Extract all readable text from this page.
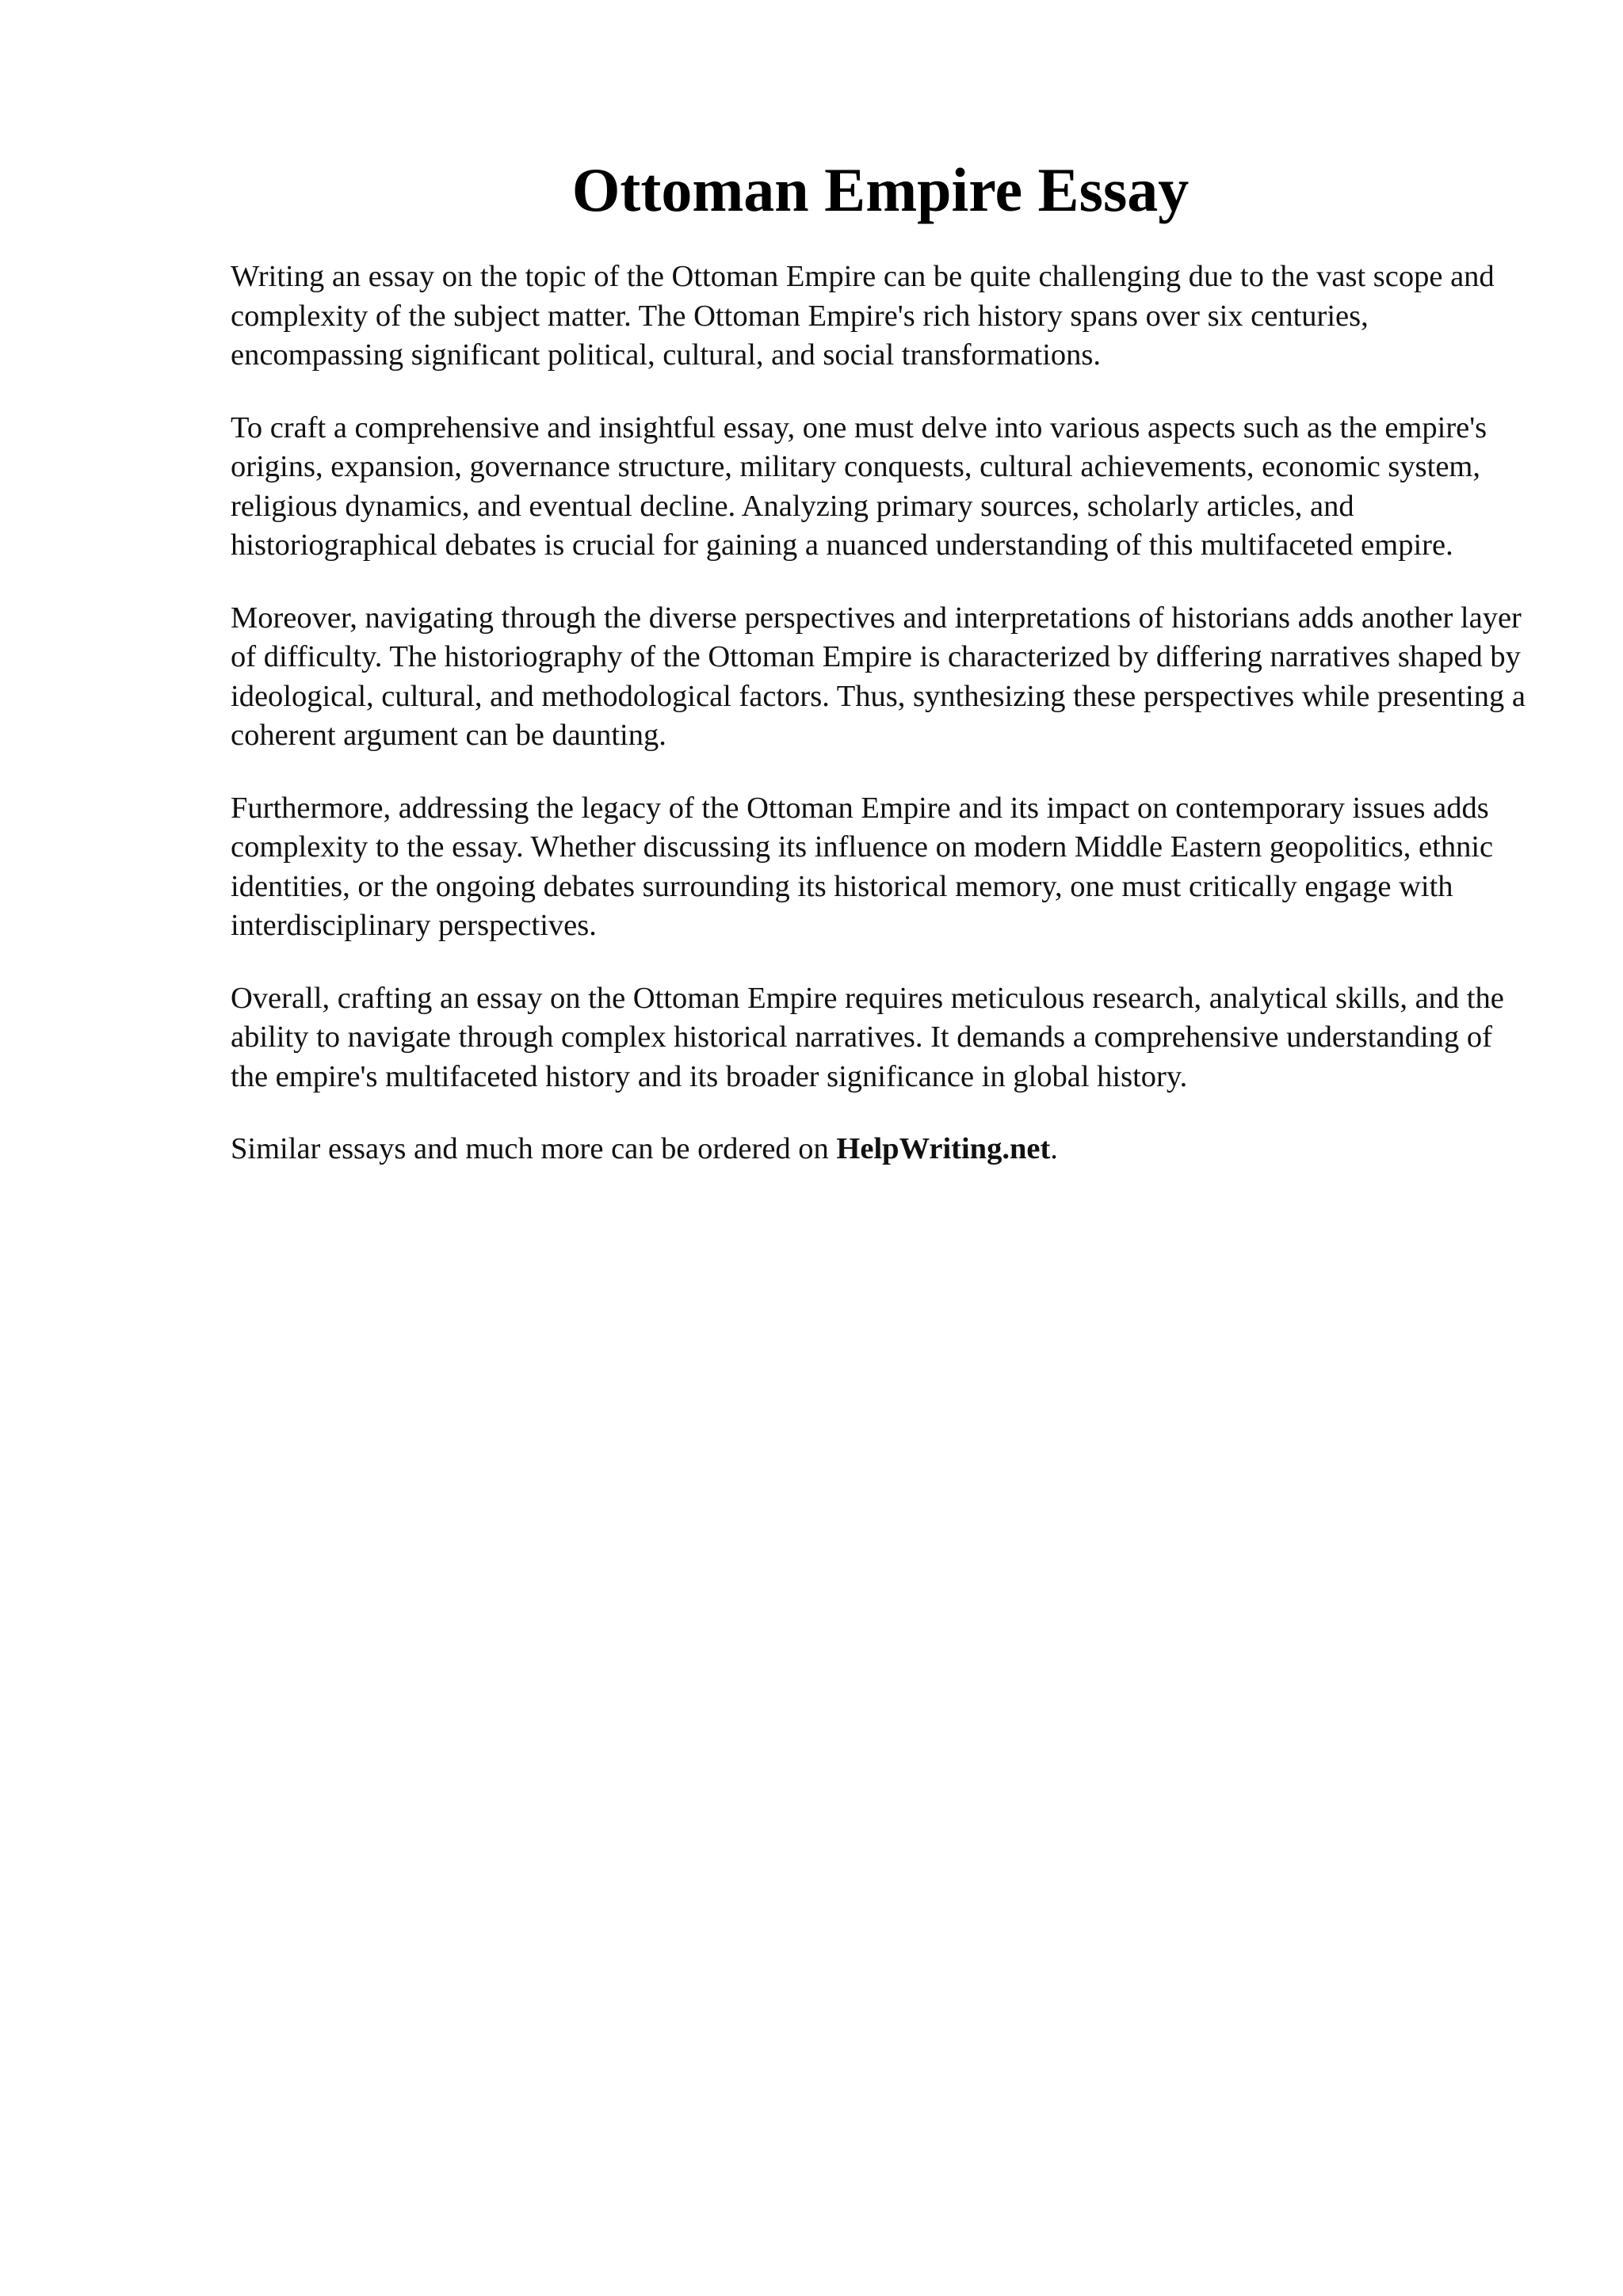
Ottoman Empire Essay

Writing an essay on the topic of the Ottoman Empire can be quite challenging due to the vast scope and complexity of the subject matter. The Ottoman Empire's rich history spans over six centuries, encompassing significant political, cultural, and social transformations.

To craft a comprehensive and insightful essay, one must delve into various aspects such as the empire's origins, expansion, governance structure, military conquests, cultural achievements, economic system, religious dynamics, and eventual decline. Analyzing primary sources, scholarly articles, and historiographical debates is crucial for gaining a nuanced understanding of this multifaceted empire.

Moreover, navigating through the diverse perspectives and interpretations of historians adds another layer of difficulty. The historiography of the Ottoman Empire is characterized by differing narratives shaped by ideological, cultural, and methodological factors. Thus, synthesizing these perspectives while presenting a coherent argument can be daunting.

Furthermore, addressing the legacy of the Ottoman Empire and its impact on contemporary issues adds complexity to the essay. Whether discussing its influence on modern Middle Eastern geopolitics, ethnic identities, or the ongoing debates surrounding its historical memory, one must critically engage with interdisciplinary perspectives.

Overall, crafting an essay on the Ottoman Empire requires meticulous research, analytical skills, and the ability to navigate through complex historical narratives. It demands a comprehensive understanding of the empire's multifaceted history and its broader significance in global history.

Similar essays and much more can be ordered on HelpWriting.net.
